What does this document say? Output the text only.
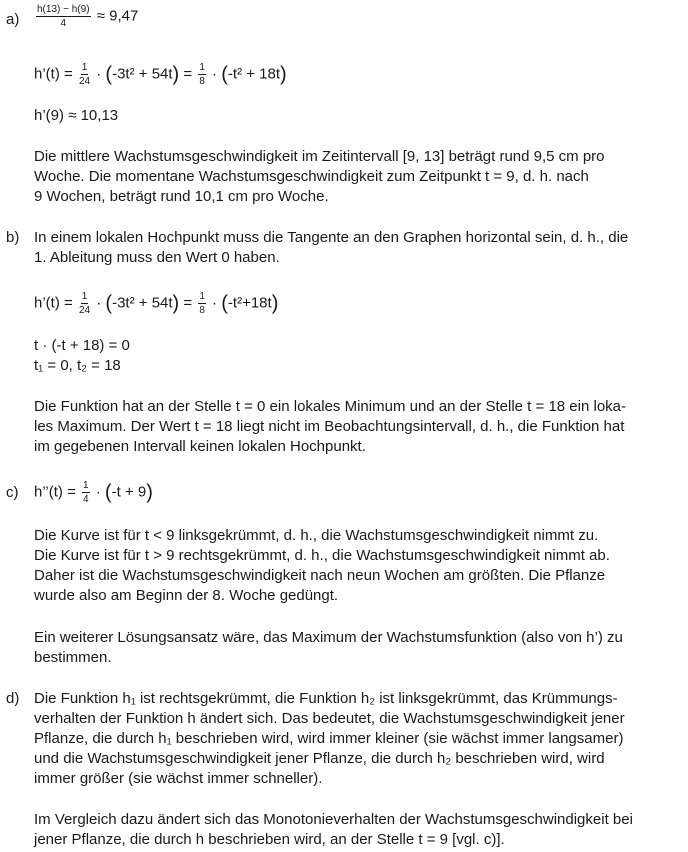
$a) \frac{h(13) - h(9)}{4} \approx 9,47$
h’(t) = $\frac{1}{24} \cdot (-3t^2 + 54t) = \frac{1}{8} \cdot (-t^2 + 18t)$
h’(9) ≈ 10,13
Die mittlere Wachstumsgeschwindigkeit im Zeitintervall [9, 13] beträgt rund 9,5 cm pro
Woche. Die momentane Wachstumsgeschwindigkeit zum Zeitpunkt t = 9, d. h. nach
9 Wochen, beträgt rund 10,1 cm pro Woche.
b) In einem lokalen Hochpunkt muss die Tangente an den Graphen horizontal sein, d. h., die
1. Ableitung muss den Wert 0 haben.
h’(t) = $\frac{1}{24} \cdot (-3t^2 + 54t) = \frac{1}{8} \cdot (-t^2+18t)$
t · (-t + 18) = 0
t₁ = 0, t₂ = 18
Die Funktion hat an der Stelle t = 0 ein lokales Minimum und an der Stelle t = 18 ein loka-
les Maximum. Der Wert t = 18 liegt nicht im Beobachtungsintervall, d. h., die Funktion hat
im gegebenen Intervall keinen lokalen Hochpunkt.
c) h’’(t) = $\frac{1}{4} \cdot (-t + 9)$
Die Kurve ist für t < 9 linksgekrümmt, d. h., die Wachstumsgeschwindigkeit nimmt zu.
Die Kurve ist für t > 9 rechtsgekrümmt, d. h., die Wachstumsgeschwindigkeit nimmt ab.
Daher ist die Wachstumsgeschwindigkeit nach neun Wochen am größten. Die Pflanze
wurde also am Beginn der 8. Woche gedüngt.
Ein weiterer Lösungsansatz wäre, das Maximum der Wachstumsfunktion (also von h’) zu
bestimmen.
d) Die Funktion h₁ ist rechtsgekrümmt, die Funktion h₂ ist linksgekrümmt, das Krümmungs-
verhalten der Funktion h ändert sich. Das bedeutet, die Wachstumsgeschwindigkeit jener
Pflanze, die durch h₁ beschrieben wird, wird immer kleiner (sie wächst immer langsamer)
und die Wachstumsgeschwindigkeit jener Pflanze, die durch h₂ beschrieben wird, wird
immer größer (sie wächst immer schneller).
Im Vergleich dazu ändert sich das Monotonieverhalten der Wachstumsgeschwindigkeit bei
jener Pflanze, die durch h beschrieben wird, an der Stelle t = 9 [vgl. c)].
